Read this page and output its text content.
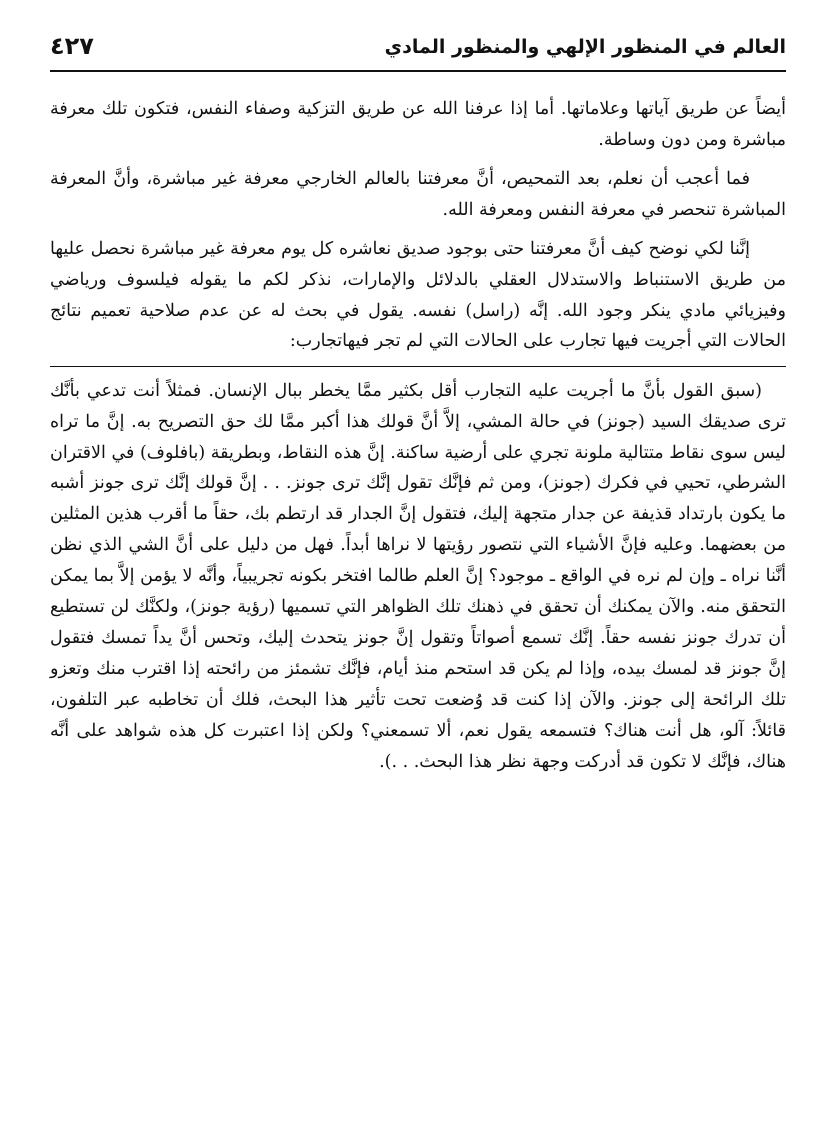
العالم في المنظور الإلهي والمنظور المادي
٤٢٧

أيضاً عن طريق آياتها وعلاماتها. أما إذا عرفنا الله عن طريق التزكية وصفاء النفس، فتكون تلك معرفة مباشرة ومن دون وساطة.

فما أعجب أن نعلم، بعد التمحيص، أنَّ معرفتنا بالعالم الخارجي معرفة غير مباشرة، وأنَّ المعرفة المباشرة تنحصر في معرفة النفس ومعرفة الله.

إنَّنا لكي نوضح كيف أنَّ معرفتنا حتى بوجود صديق نعاشره كل يوم معرفة غير مباشرة نحصل عليها من طريق الاستنباط والاستدلال العقلي بالدلائل والإمارات، نذكر لكم ما يقوله فيلسوف ورياضي وفيزيائي مادي ينكر وجود الله. إنَّه (راسل) نفسه. يقول في بحث له عن عدم صلاحية تعميم نتائج الحالات التي أجريت فيها تجارب على الحالات التي لم تجر فيهاتجارب:

(سبق القول بأنَّ ما أجريت عليه التجارب أقل بكثير ممَّا يخطر ببال الإنسان. فمثلاً أنت تدعي بأنَّك ترى صديقك السيد (جونز) في حالة المشي، إلاَّ أنَّ قولك هذا أكبر ممَّا لك حق التصريح به. إنَّ ما تراه ليس سوى نقاط متتالية ملونة تجري على أرضية ساكنة. إنَّ هذه النقاط، وبطريقة (بافلوف) في الاقتران الشرطي، تحيي في فكرك (جونز)، ومن ثم فإنَّك تقول إنَّك ترى جونز. . . إنَّ قولك إنَّك ترى جونز أشبه ما يكون بارتداد قذيفة عن جدار متجهة إليك، فتقول إنَّ الجدار قد ارتطم بك، حقاً ما أقرب هذين المثلين من بعضهما. وعليه فإنَّ الأشياء التي نتصور رؤيتها لا نراها أبداً. فهل من دليل على أنَّ الشي الذي نظن أنَّنا نراه ـ وإن لم نره في الواقع ـ موجود؟ إنَّ العلم طالما افتخر بكونه تجريبياً، وأنَّه لا يؤمن إلاَّ بما يمكن التحقق منه. والآن يمكنك أن تحقق في ذهنك تلك الظواهر التي تسميها (رؤية جونز)، ولكنَّك لن تستطيع أن تدرك جونز نفسه حقاً. إنَّك تسمع أصواتاً وتقول إنَّ جونز يتحدث إليك، وتحس أنَّ يداً تمسك فتقول إنَّ جونز قد لمسك بيده، وإذا لم يكن قد استحم منذ أيام، فإنَّك تشمئز من رائحته إذا اقترب منك وتعزو تلك الرائحة إلى جونز. والآن إذا كنت قد وُضعت تحت تأثير هذا البحث، فلك أن تخاطبه عبر التلفون، قائلاً: آلو، هل أنت هناك؟ فتسمعه يقول نعم، ألا تسمعني؟ ولكن إذا اعتبرت كل هذه شواهد على أنَّه هناك، فإنَّك لا تكون قد أدركت وجهة نظر هذا البحث. . .).
